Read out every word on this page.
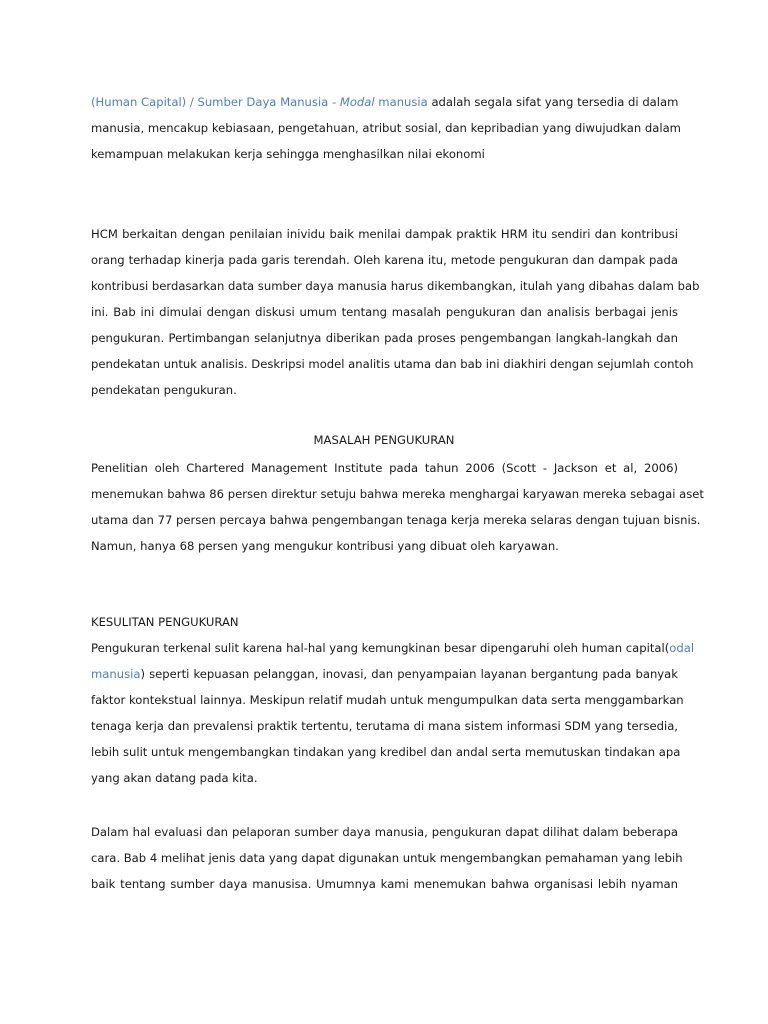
(Human Capital) / Sumber Daya Manusia - Modal manusia adalah segala sifat yang tersedia di dalam
manusia, mencakup kebiasaan, pengetahuan, atribut sosial, dan kepribadian yang diwujudkan dalam
kemampuan melakukan kerja sehingga menghasilkan nilai ekonomi
HCM berkaitan dengan penilaian inividu baik menilai dampak praktik HRM itu sendiri dan kontribusi
orang terhadap kinerja pada garis terendah. Oleh karena itu, metode pengukuran dan dampak pada
kontribusi berdasarkan data sumber daya manusia harus dikembangkan, itulah yang dibahas dalam bab
ini. Bab ini dimulai dengan diskusi umum tentang masalah pengukuran dan analisis berbagai jenis
pengukuran. Pertimbangan selanjutnya diberikan pada proses pengembangan langkah-langkah dan
pendekatan untuk analisis. Deskripsi model analitis utama dan bab ini diakhiri dengan sejumlah contoh
pendekatan pengukuran.
MASALAH PENGUKURAN
Penelitian oleh Chartered Management Institute pada tahun 2006 (Scott - Jackson et al, 2006)
menemukan bahwa 86 persen direktur setuju bahwa mereka menghargai karyawan mereka sebagai aset
utama dan 77 persen percaya bahwa pengembangan tenaga kerja mereka selaras dengan tujuan bisnis.
Namun, hanya 68 persen yang mengukur kontribusi yang dibuat oleh karyawan.
KESULITAN PENGUKURAN
Pengukuran terkenal sulit karena hal-hal yang kemungkinan besar dipengaruhi oleh human capital(odal
manusia) seperti kepuasan pelanggan, inovasi, dan penyampaian layanan bergantung pada banyak
faktor kontekstual lainnya. Meskipun relatif mudah untuk mengumpulkan data serta menggambarkan
tenaga kerja dan prevalensi praktik tertentu, terutama di mana sistem informasi SDM yang tersedia,
lebih sulit untuk mengembangkan tindakan yang kredibel dan andal serta memutuskan tindakan apa
yang akan datang pada kita.
Dalam hal evaluasi dan pelaporan sumber daya manusia, pengukuran dapat dilihat dalam beberapa
cara. Bab 4 melihat jenis data yang dapat digunakan untuk mengembangkan pemahaman yang lebih
baik tentang sumber daya manusisa. Umumnya kami menemukan bahwa organisasi lebih nyaman
